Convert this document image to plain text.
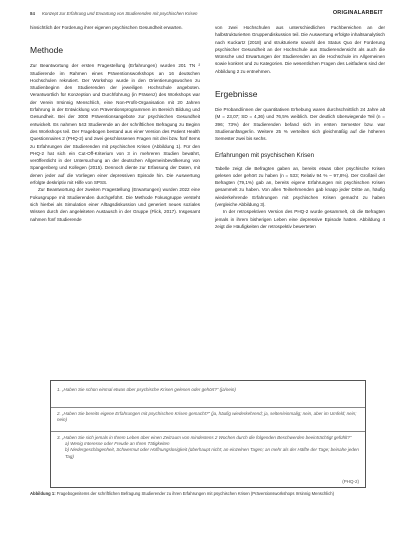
84 Konzept zur Erfahrung und Erwartung von Studierenden mit psychischen Krisen	ORIGINALARBEIT

hinsichtlich der Forderung ihrer eigenen psychischen Gesundheit erwarten.

Methode

Zur Beantwortung der ersten Fragestellung (Erfahrungen) wurden 201 TN ² Studierende im Rahmen eines Präventionsworkshops an 16 deutschen Hochschulen rekrutiert. Der Workshop wurde in den Orientierungswochen zu Studienbeginn den Studierenden der jeweiligen Hochschule angeboten. Verantwortlich für Konzeption und Durchführung (in Präsenz) des Workshops war der Verein Irrsinnig Menschlich, eine Non-Profit-Organisation mit 20 Jahren Erfahrung in der Entwicklung von Präventionsprogrammen im Bereich Bildung und Gesundheit. Bei der 3000 Präventionsangebote zur psychischen Gesundheit entwickelt. Es nahmen 543 Studierende an der schriftlichen Befragung zu Beginn des Workshops teil. Der Fragebogen bestand aus einer Version des Patient Health Questionnaires 2 (PHQ-2) und zwei geschlossenen Fragen mit drei bzw. fünf Items zu Erfahrungen der Studierenden mit psychischen Krisen (Abbildung 1). Für den PHQ-2 hat sich ein Cut-Off-Kriterium von 3 in mehreren Studien bewährt, veröffentlicht in der Untersuchung an der deutschen Allgemeinbevölkerung von Spangenberg und Kollegen (2015). Dennoch diente zur Erfassung der Daten, mit denen jeder auf die Vorliegen einer depressiven Episode hin. Die Auswertung erfolgte deskriptiv mit Hilfe von SPSS.

Zur Beantwortung der zweiten Fragestellung (Erwartungen) wurden 2022 eine Fokusgruppe mit Studierenden durchgeführt. Die Methode Fokusgruppe versteht sich hierbei als Simulation einer Alltagsdiskussion und generiert neues soziales Wissen durch den angeleiteten Austausch in der Gruppe (Flick, 2017). Insgesamt nahmen fünf Studierende

von zwei Hochschulen aus unterschiedlichen Fachbereichen an der halbstrukturierten Gruppendiskussion teil. Die Auswertung erfolgte inhaltsanalytisch nach Kuckartz (2018) und strukturierte sowohl den Status Quo der Forderung psychischer Gesundheit an der Hochschule aus Studierendensicht als auch die Wünsche und Erwartungen der Studierenden an die Hochschule im Allgemeinen sowie konkret und zu Kategorien. Die wesentlichen Fragen des Leitfadens sind der Abbildung 2 zu entnehmen.

Ergebnisse

Die Proband/innen der quantitativen Erhebung waren durchschnittlich 24 Jahre alt (M = 23,07; SD = 4,36) und 76,5% weiblich. Der deutlich überwiegende Teil (n = 396; 73%) der Studierenden befand sich im ersten Semester bzw. war Studienanfänger/in. Weitere 25 % verteilten sich gleichmäßig auf die höheren Semester zwei bis sechs.

Erfahrungen mit psychischen Krisen

Tabelle zeigt die Befragten gaben an, bereits etwas über psychische Krisen gelesen oder gehört zu haben (n = 533; Relativ 94 % – 97,8%). Der Großteil der Befragten (79,1%) gab an, bereits eigene Erfahrungen mit psychischen Krisen gesammelt zu haben. Von allen Teilnehmenden gab knapp jeder Dritte an, häufig wiederkehrende Erfahrungen mit psychischen Krisen gemacht zu haben (vergleiche Abbildung 3).

In der retrospektiven Version des PHQ-2 wurde gesammelt, ob die Befragten jemals in ihrem bisherigen Leben eine depressive Episode hatten. Abbildung 4 zeigt die Häufigkeiten der retrospektiv bewerteten

1. „Haben Sie schon einmal etwas über psychische Krisen gelesen oder gehört?“ (ja/nein)
2. „Haben Sie bereits eigene Erfahrungen mit psychischen Krisen gemacht?“ (ja, häufig wiederkehrend; ja, selten/einmalig; nein, aber im Umfeld; nein; nein)
3. „Haben Sie sich jemals in Ihrem Leben über einen Zeitraum von mindestens 2 Wochen durch die folgenden Beschwerden beeinträchtigt gefühlt?“
a) Wenig Interesse oder Freude an Ihren Tätigkeiten
b) Niedergeschlagenheit, Schwermut oder Hoffnungslosigkeit (überhaupt nicht; an einzelnen Tagen; an mehr als der Hälfte der Tage; beinahe jeden Tag)
(PHQ-2)
Abbildung 1: Fragebogenitems der schriftlichen Befragung Studierender zu ihren Erfahrungen mit psychischen Krisen (Präventionsworkshops Irrsinnig Menschlich)
